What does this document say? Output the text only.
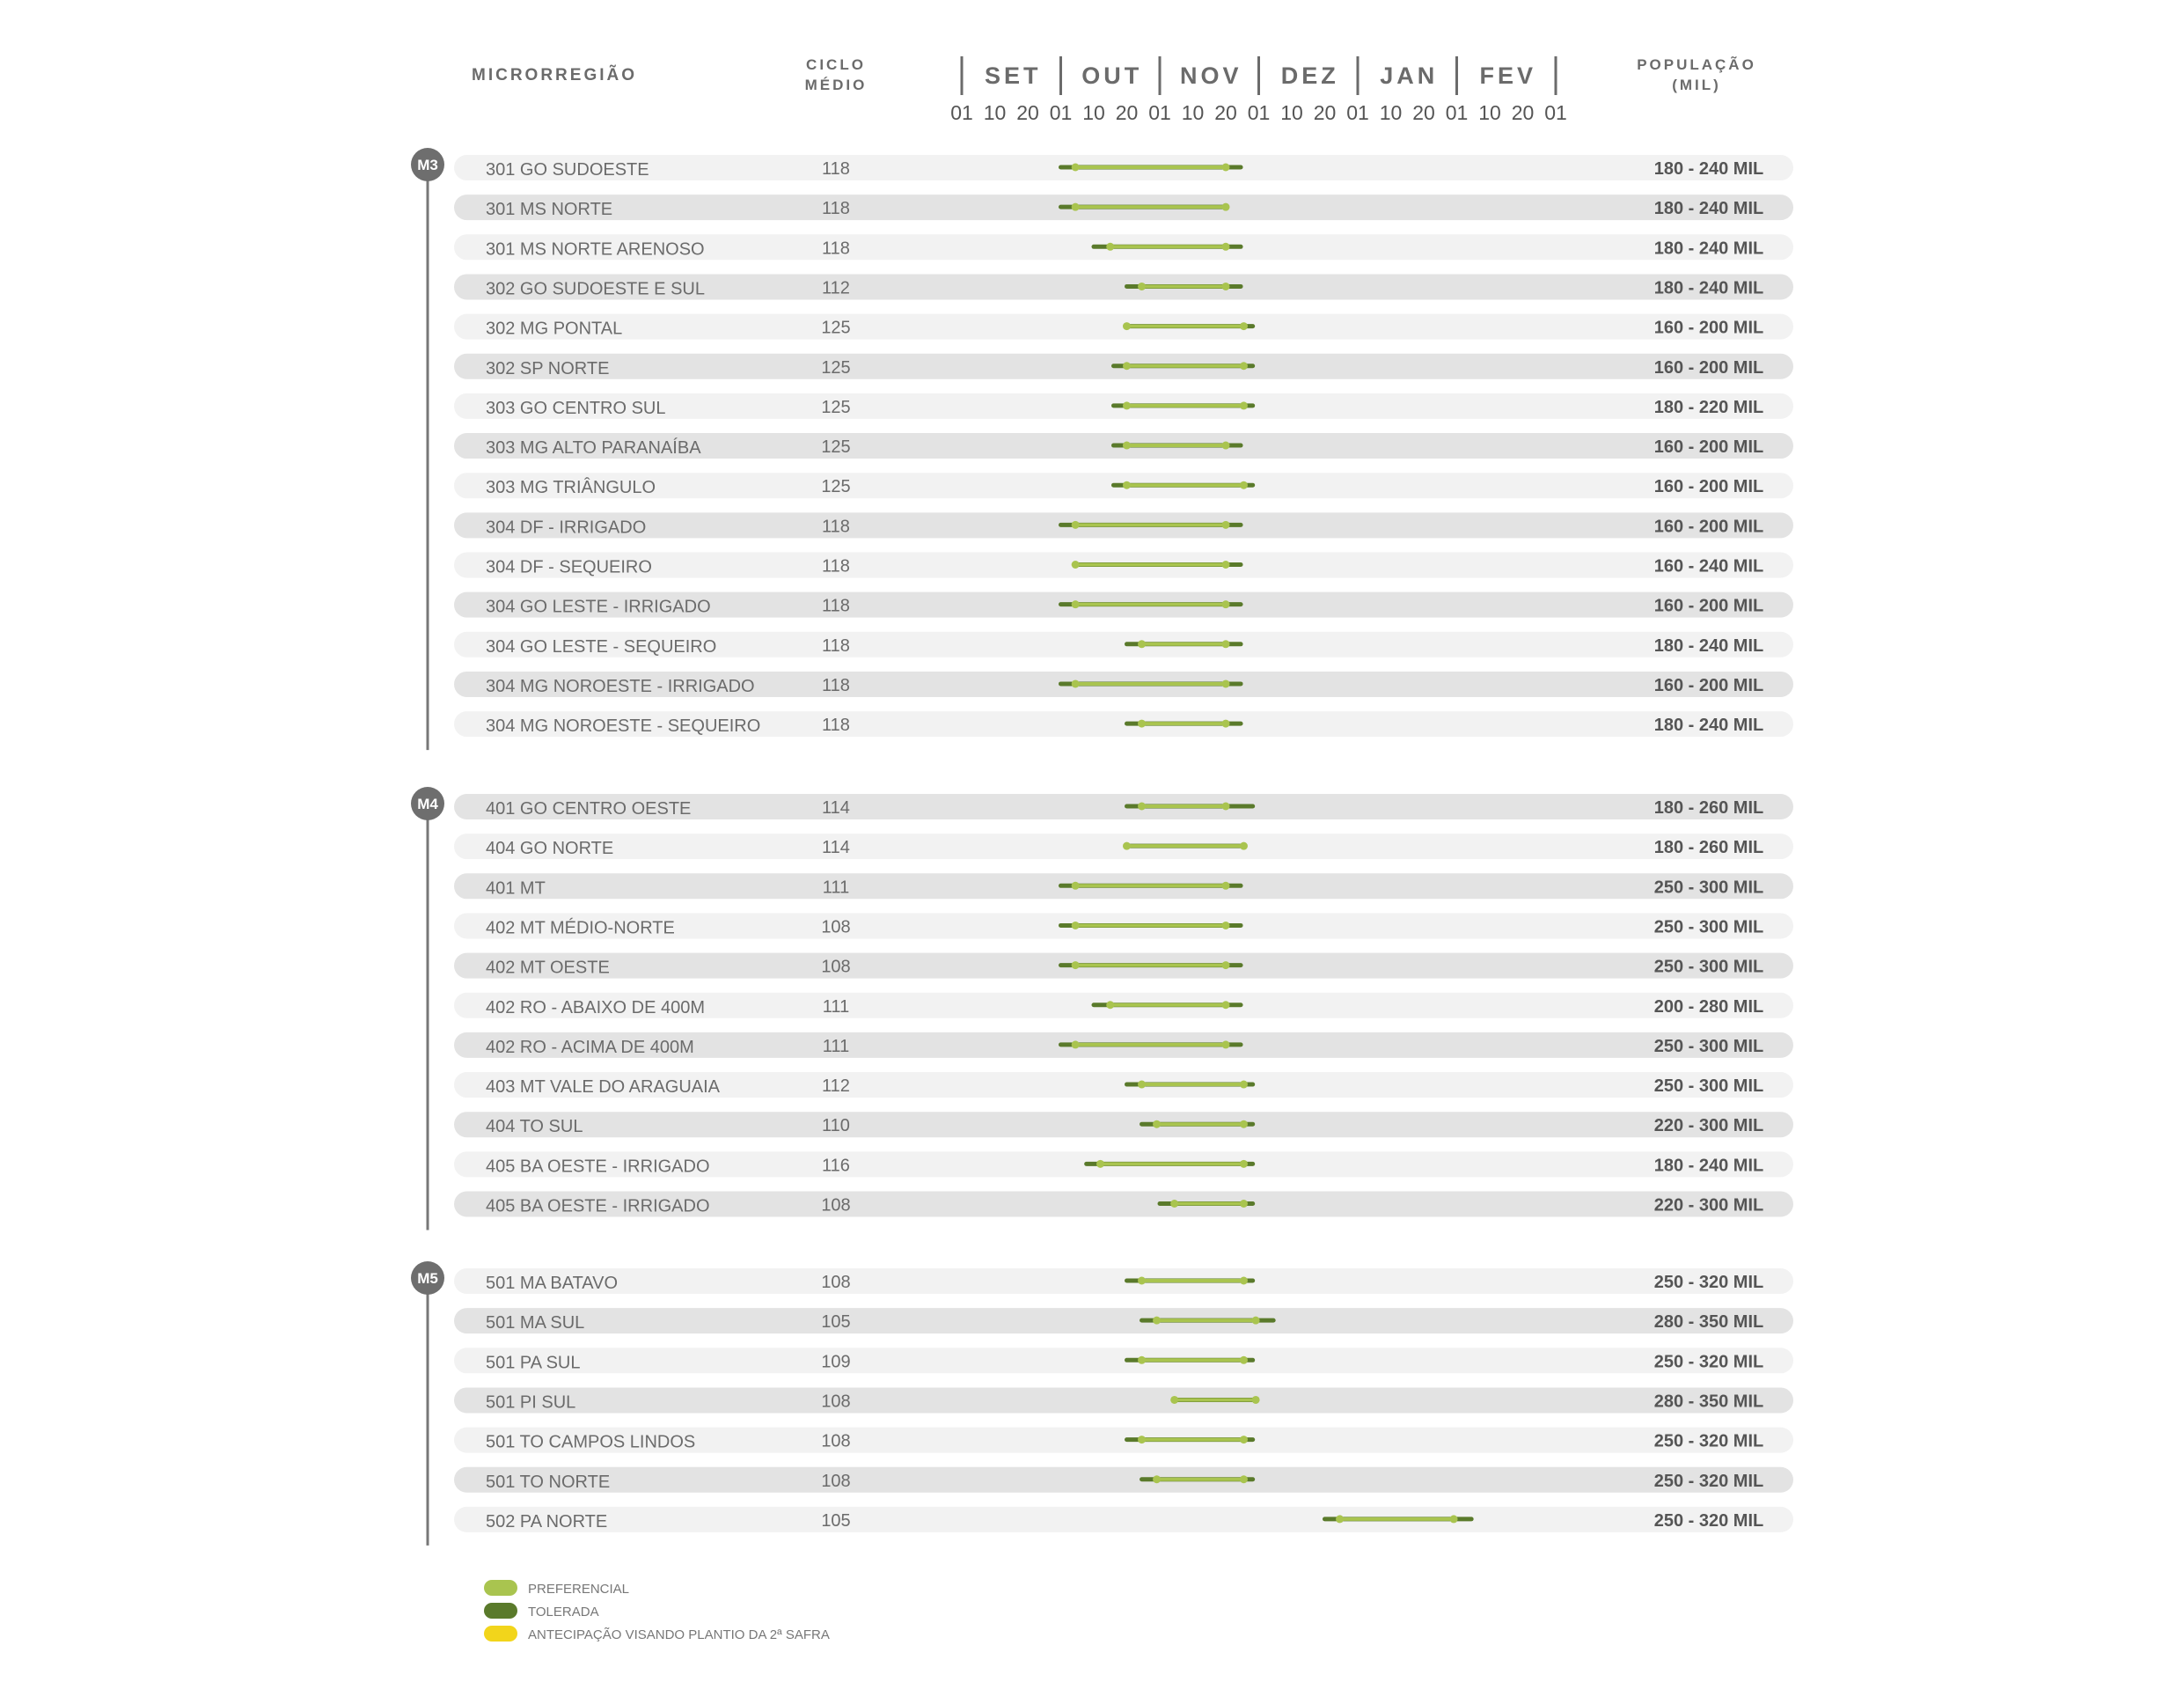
MICRORREGIÃO
CICLO
MÉDIO
POPULAÇÃO
(MIL)
SET OUT NOV DEZ JAN FEV
01 10 20 01 10 20 01 10 20 01 10 20 01 10 20 01 10 20 01
M3
M4
M5
301 GO SUDOESTE	118	180 - 240 MIL
301 MS NORTE	118	180 - 240 MIL
301 MS NORTE ARENOSO	118	180 - 240 MIL
302 GO SUDOESTE E SUL	112	180 - 240 MIL
302 MG PONTAL	125	160 - 200 MIL
302 SP NORTE	125	160 - 200 MIL
303 GO CENTRO SUL	125	180 - 220 MIL
303 MG ALTO PARANAÍBA	125	160 - 200 MIL
303 MG TRIÂNGULO	125	160 - 200 MIL
304 DF - IRRIGADO	118	160 - 200 MIL
304 DF - SEQUEIRO	118	160 - 240 MIL
304 GO LESTE - IRRIGADO	118	160 - 200 MIL
304 GO LESTE - SEQUEIRO	118	180 - 240 MIL
304 MG NOROESTE - IRRIGADO	118	160 - 200 MIL
304 MG NOROESTE - SEQUEIRO	118	180 - 240 MIL
401 GO CENTRO OESTE	114	180 - 260 MIL
404 GO NORTE	114	180 - 260 MIL
401 MT	111	250 - 300 MIL
402 MT MÉDIO-NORTE	108	250 - 300 MIL
402 MT OESTE	108	250 - 300 MIL
402 RO - ABAIXO DE 400M	111	200 - 280 MIL
402 RO - ACIMA DE 400M	111	250 - 300 MIL
403 MT VALE DO ARAGUAIA	112	250 - 300 MIL
404 TO SUL	110	220 - 300 MIL
405 BA OESTE - IRRIGADO	116	180 - 240 MIL
405 BA OESTE - IRRIGADO	108	220 - 300 MIL
501 MA BATAVO	108	250 - 320 MIL
501 MA SUL	105	280 - 350 MIL
501 PA SUL	109	250 - 320 MIL
501 PI SUL	108	280 - 350 MIL
501 TO CAMPOS LINDOS	108	250 - 320 MIL
501 TO NORTE	108	250 - 320 MIL
502 PA NORTE	105	250 - 320 MIL
PREFERENCIAL
TOLERADA
ANTECIPAÇÃO VISANDO PLANTIO DA 2ª SAFRA
